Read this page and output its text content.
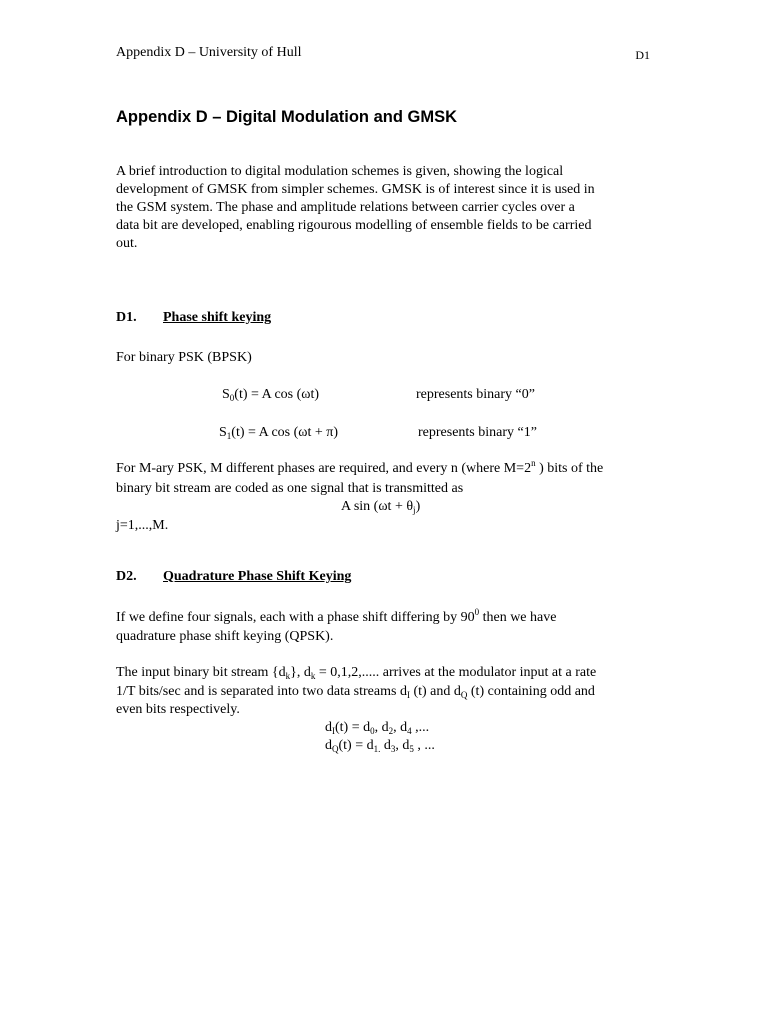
Appendix D – University of Hull	D1
Appendix D – Digital Modulation and GMSK
A brief introduction to digital modulation schemes is given, showing the logical
development of GMSK from simpler schemes. GMSK is of interest since it is used in
the GSM system. The phase and amplitude relations between carrier cycles over a
data bit are developed, enabling rigourous modelling of ensemble fields to be carried
out.
D1. Phase shift keying
For binary PSK (BPSK)
$S_0(t) = A$ cos (ωt)	represents binary “0”
$S_1(t) = A$ cos (ωt + π)	represents binary “1”
For M-ary PSK, M different phases are required, and every n (where $M=2^n$ ) bits of the
binary bit stream are coded as one signal that is transmitted as
A $\sin (\omega t + \theta_j)$
j=1,...,M.
D2. Quadrature Phase Shift Keying
If we define four signals, each with a phase shift differing by $90^0$ then we have
quadrature phase shift keying (QPSK).
The input binary bit stream $\{d_k\}$, $d_k = 0,1,2$,..... arrives at the modulator input at a rate
1/T bits/sec and is separated into two data streams $d_I$ (t) and $d_Q$ (t) containing odd and
even bits respectively.
$d_I(t) = d_0$, $d_2$, $d_4$ ,...
$d_Q(t) = d_{1.}$ $d_3$, $d_5$ , ...
